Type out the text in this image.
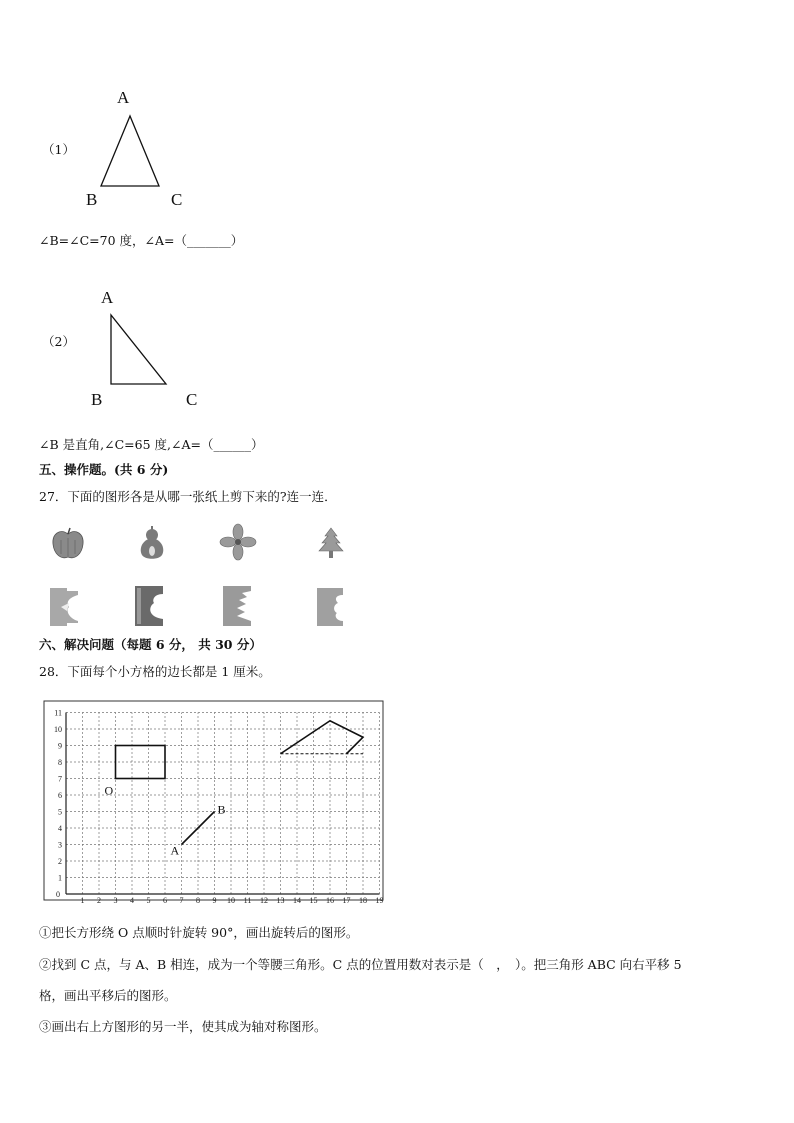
（1）
A
B	C
∠B=∠C=70 度，∠A=（_______）
（2）
A
B	C
∠B 是直角,∠C=65 度,∠A=（______）
五、操作题。(共 6 分)
27．下面的图形各是从哪一张纸上剪下来的?连一连．
六、解决问题（每题 6 分， 共 30 分）
28．下面每个小方格的边长都是 1 厘米。
1 2 3 4 5 6 7 8 9 10 11 12 13 14 15 16 17 18 19
1
2
3
4
5
6
7
8
9
10
11
0
O
A
B
①把长方形绕 O 点顺时针旋转 90°，画出旋转后的图形。
②找到 C 点，与 A、B 相连，成为一个等腰三角形。C 点的位置用数对表示是（　，　）。把三角形 ABC 向右平移 5
格，画出平移后的图形。
③画出右上方图形的另一半，使其成为轴对称图形。
